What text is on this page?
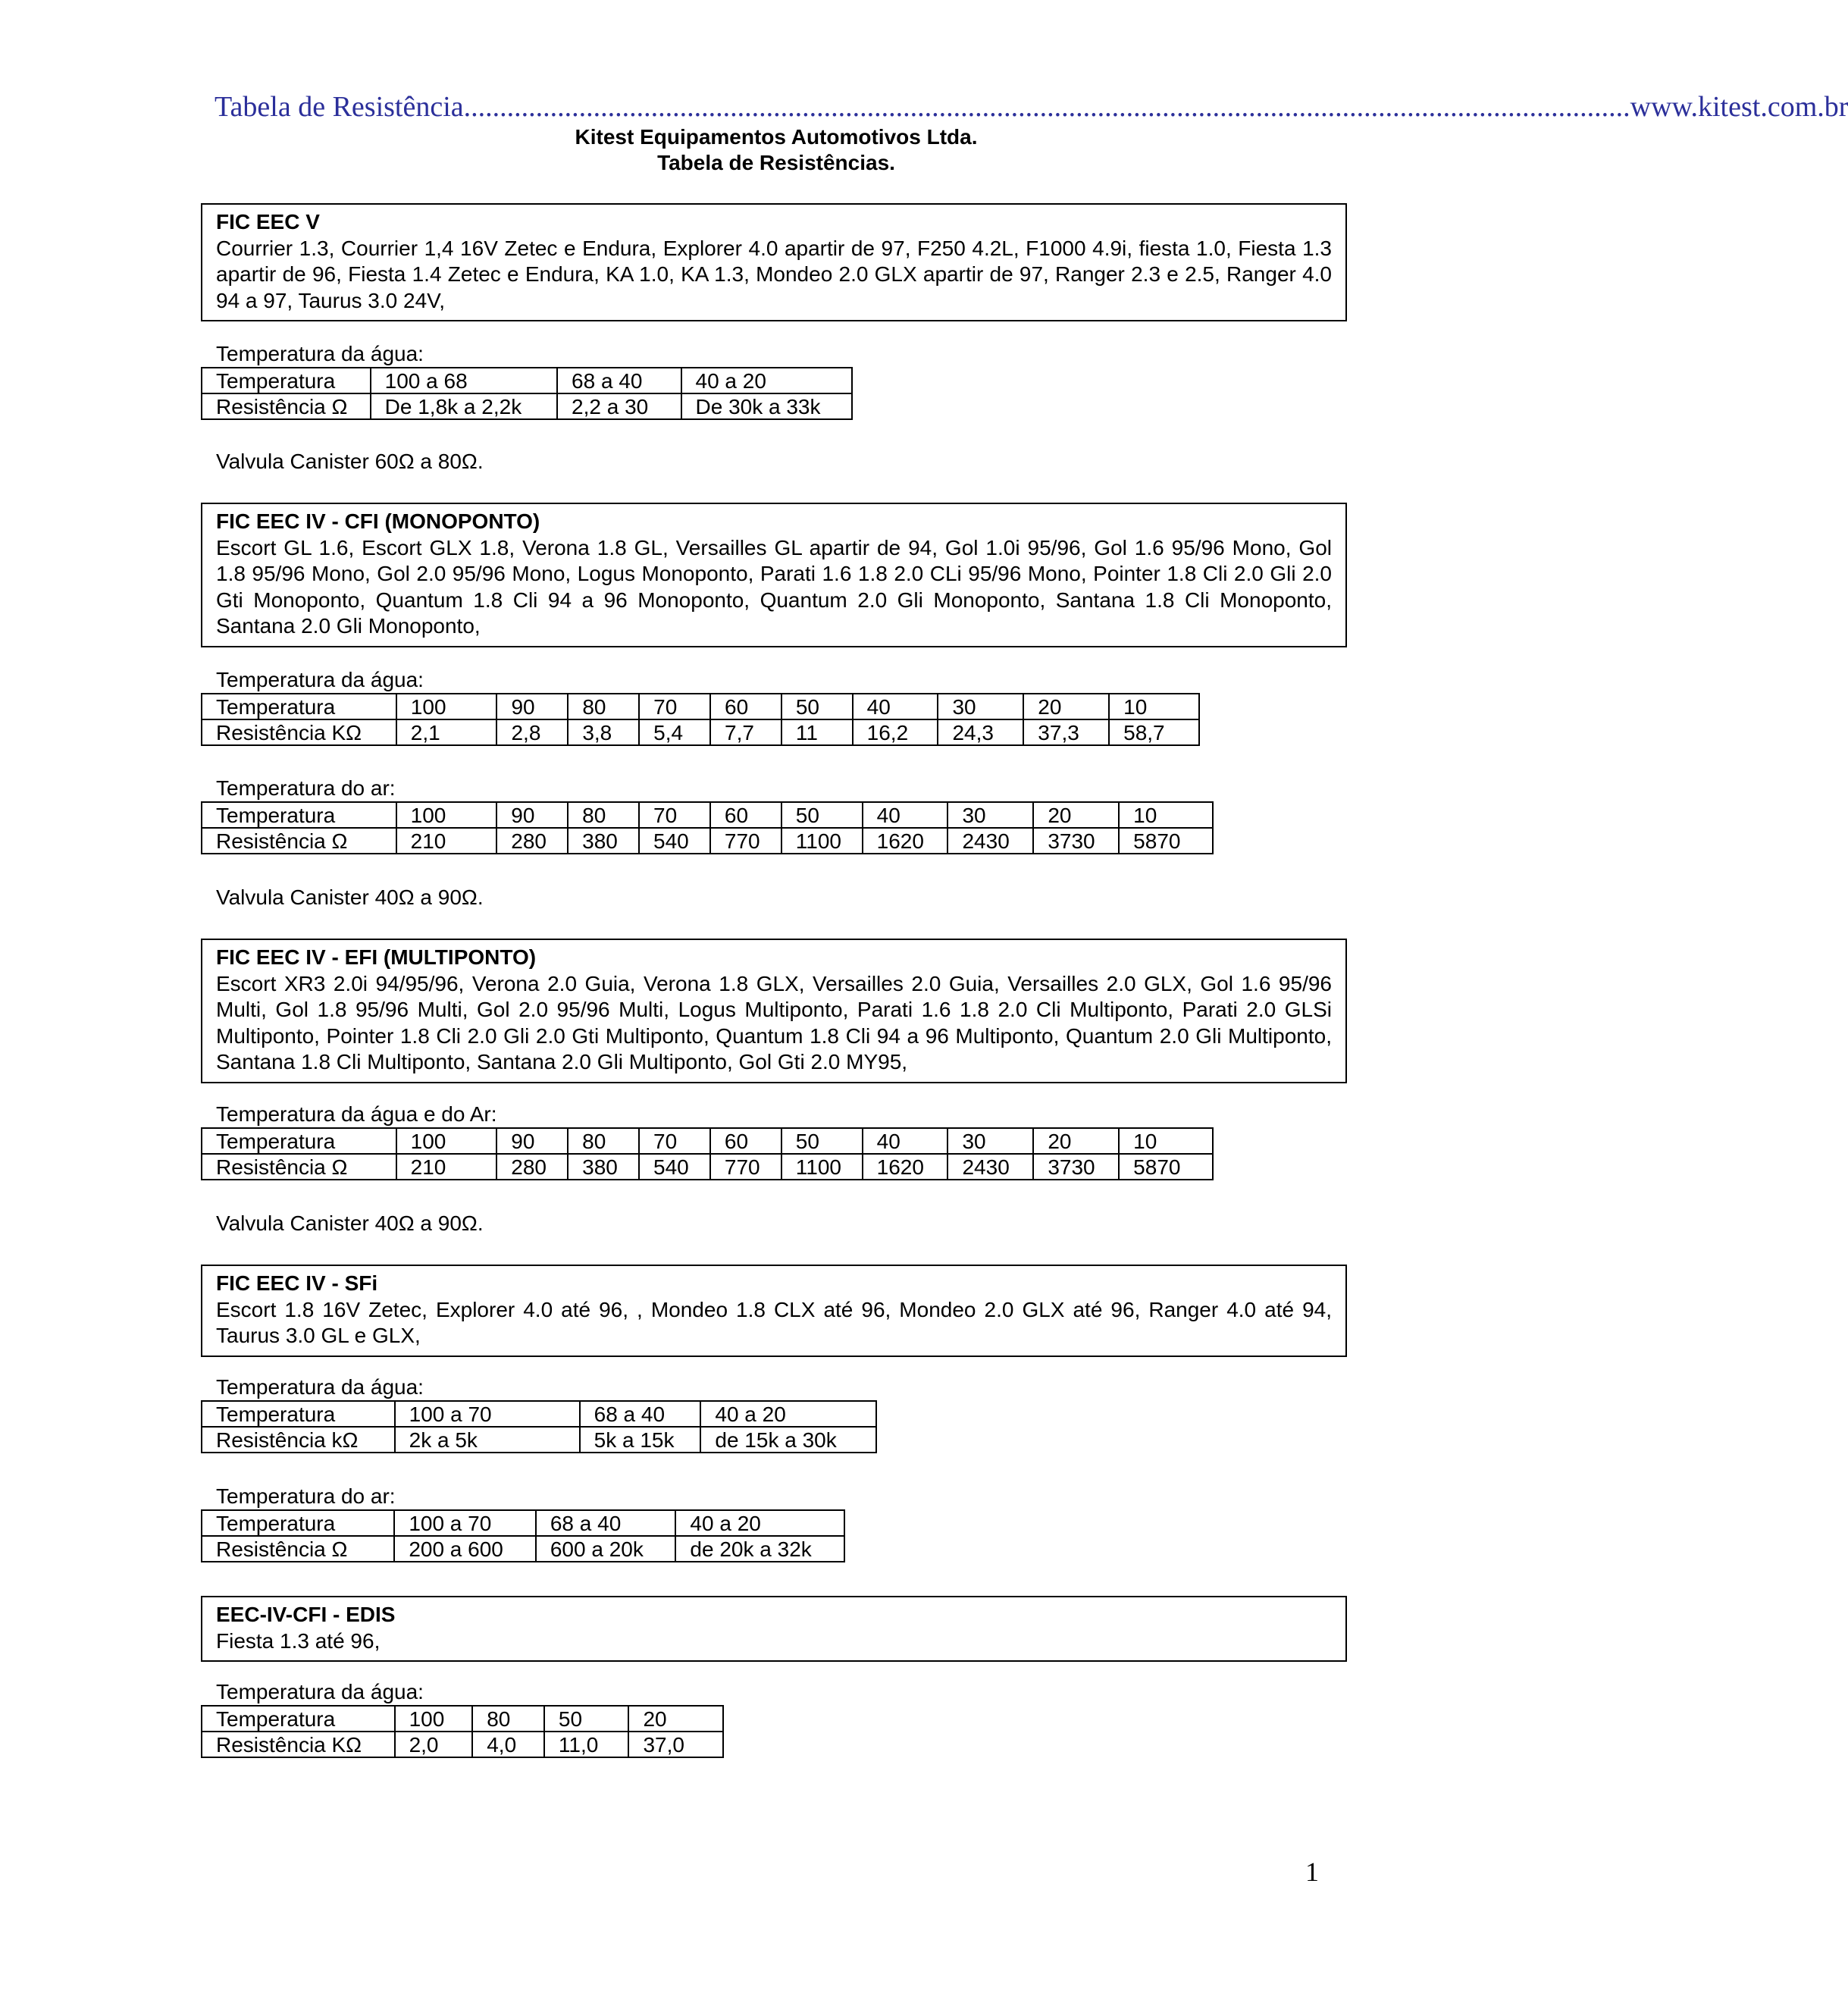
Tabela de Resistência .................................................................................................................................................................. www.kitest.com.br
Kitest Equipamentos Automotivos Ltda.
Tabela de Resistências.
FIC EEC V
Courrier 1.3, Courrier 1,4 16V Zetec e Endura, Explorer 4.0 apartir de 97, F250 4.2L, F1000 4.9i, fiesta 1.0, Fiesta 1.3 apartir de 96, Fiesta 1.4 Zetec e Endura, KA 1.0, KA 1.3, Mondeo 2.0 GLX apartir de 97, Ranger 2.3 e 2.5, Ranger 4.0 94 a 97, Taurus 3.0 24V,
Temperatura da água:
Temperatura	100 a 68	68 a 40	40 a 20
Resistência Ω	De 1,8k a 2,2k	2,2 a 30	De 30k a 33k
Valvula Canister 60Ω a 80Ω.
FIC EEC IV - CFI (MONOPONTO)
Escort GL 1.6, Escort GLX 1.8, Verona 1.8 GL, Versailles GL apartir de 94, Gol 1.0i 95/96, Gol 1.6 95/96 Mono, Gol 1.8 95/96 Mono, Gol 2.0 95/96 Mono, Logus Monoponto, Parati 1.6 1.8 2.0 CLi 95/96 Mono, Pointer 1.8 Cli 2.0 Gli 2.0 Gti Monoponto, Quantum 1.8 Cli 94 a 96 Monoponto, Quantum 2.0 Gli Monoponto, Santana 1.8 Cli Monoponto, Santana 2.0 Gli Monoponto,
Temperatura da água:
Temperatura	100	90	80	70	60	50	40	30	20	10
Resistência KΩ	2,1	2,8	3,8	5,4	7,7	11	16,2	24,3	37,3	58,7
Temperatura do ar:
Temperatura	100	90	80	70	60	50	40	30	20	10
Resistência Ω	210	280	380	540	770	1100	1620	2430	3730	5870
Valvula Canister 40Ω a 90Ω.
FIC EEC IV - EFI (MULTIPONTO)
Escort XR3 2.0i 94/95/96, Verona 2.0 Guia, Verona 1.8 GLX, Versailles 2.0 Guia, Versailles 2.0 GLX, Gol 1.6 95/96 Multi, Gol 1.8 95/96 Multi, Gol 2.0 95/96 Multi, Logus Multiponto, Parati 1.6 1.8 2.0 Cli Multiponto, Parati 2.0 GLSi Multiponto, Pointer 1.8 Cli 2.0 Gli 2.0 Gti Multiponto, Quantum 1.8 Cli 94 a 96 Multiponto, Quantum 2.0 Gli Multiponto, Santana 1.8 Cli Multiponto, Santana 2.0 Gli Multiponto, Gol Gti 2.0 MY95,
Temperatura da água e do Ar:
Temperatura	100	90	80	70	60	50	40	30	20	10
Resistência Ω	210	280	380	540	770	1100	1620	2430	3730	5870
Valvula Canister 40Ω a 90Ω.
FIC EEC IV - SFi
Escort 1.8 16V Zetec, Explorer 4.0 até 96, , Mondeo 1.8 CLX até 96, Mondeo 2.0 GLX até 96, Ranger 4.0 até 94, Taurus 3.0 GL e GLX,
Temperatura da água:
Temperatura	100 a 70	68 a 40	40 a 20
Resistência kΩ	2k a 5k	5k a 15k	de 15k a 30k
Temperatura do ar:
Temperatura	100 a 70	68 a 40	40 a 20
Resistência Ω	200 a 600	600 a 20k	de 20k a 32k
EEC-IV-CFI - EDIS
Fiesta 1.3 até 96,
Temperatura da água:
Temperatura	100	80	50	20
Resistência KΩ	2,0	4,0	11,0	37,0
1
